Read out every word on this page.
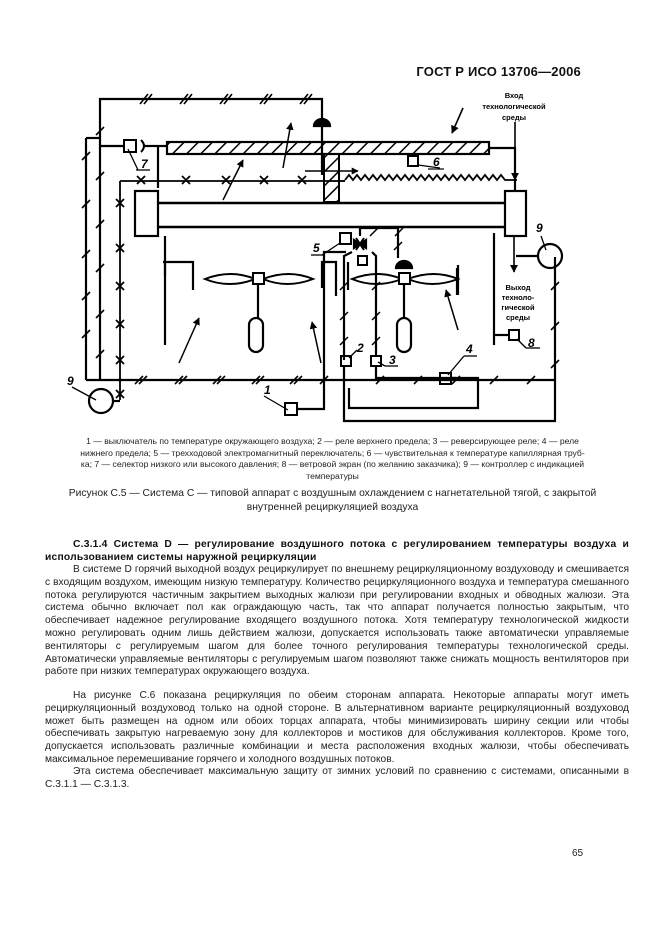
ГОСТ Р ИСО 13706—2006
6
7
Вход
технологической
среды
1
9
9
Выход
техноло-
гической
среды
8
5
2
3
4
1 — выключатель по температуре окружающего воздуха; 2 — реле верхнего предела; 3 — реверсирующее реле; 4 — реле
нижнего предела; 5 — трехходовой электромагнитный переключатель; 6 — чувствительная к температуре капиллярная труб-
ка; 7 — селектор низкого или высокого давления; 8 — ветровой экран (по желанию заказчика); 9 — контроллер с индикацией
температуры
Рисунок С.5 — Система С — типовой аппарат с воздушным охлаждением с нагнетательной тягой, с закрытой
внутренней рециркуляцией воздуха
С.3.1.4 Система D — регулирование воздушного потока с регулированием температуры воздуха и использованием системы наружной рециркуляции
В системе D горячий выходной воздух рециркулирует по внешнему рециркуляционному воздуховоду и смешивается с входящим воздухом, имеющим низкую температуру. Количество рециркуляционного воздуха и температура смешанного потока регулируются частичным закрытием выходных жалюзи при регулировании входных и обводных жалюзи. Эта система обычно включает пол как ограждающую часть, так что аппарат получается полностью закрытым, что обеспечивает надежное регулирование входящего воздушного потока. Хотя температуру технологической жидкости можно регулировать одним лишь действием жалюзи, допускается использовать также автоматически управляемые вентиляторы с регулируемым шагом для более точного регулирования температуры технологической среды. Автоматически управляемые вентиляторы с регулируемым шагом позволяют также снижать мощность вентиляторов при работе при низких температурах окружающего воздуха.
На рисунке С.6 показана рециркуляция по обеим сторонам аппарата. Некоторые аппараты могут иметь рециркуляционный воздуховод только на одной стороне. В альтернативном варианте рециркуляционный воздуховод может быть размещен на одном или обоих торцах аппарата, чтобы минимизировать ширину секции или чтобы обеспечивать закрытую нагреваемую зону для коллекторов и мостиков для обслуживания коллекторов. Кроме того, допускается использовать различные комбинации и места расположения входных жалюзи, чтобы обеспечивать максимальное перемешивание горячего и холодного воздушных потоков.
Эта система обеспечивает максимальную защиту от зимних условий по сравнению с системами, описанными в С.3.1.1 — С.3.1.3.
65
